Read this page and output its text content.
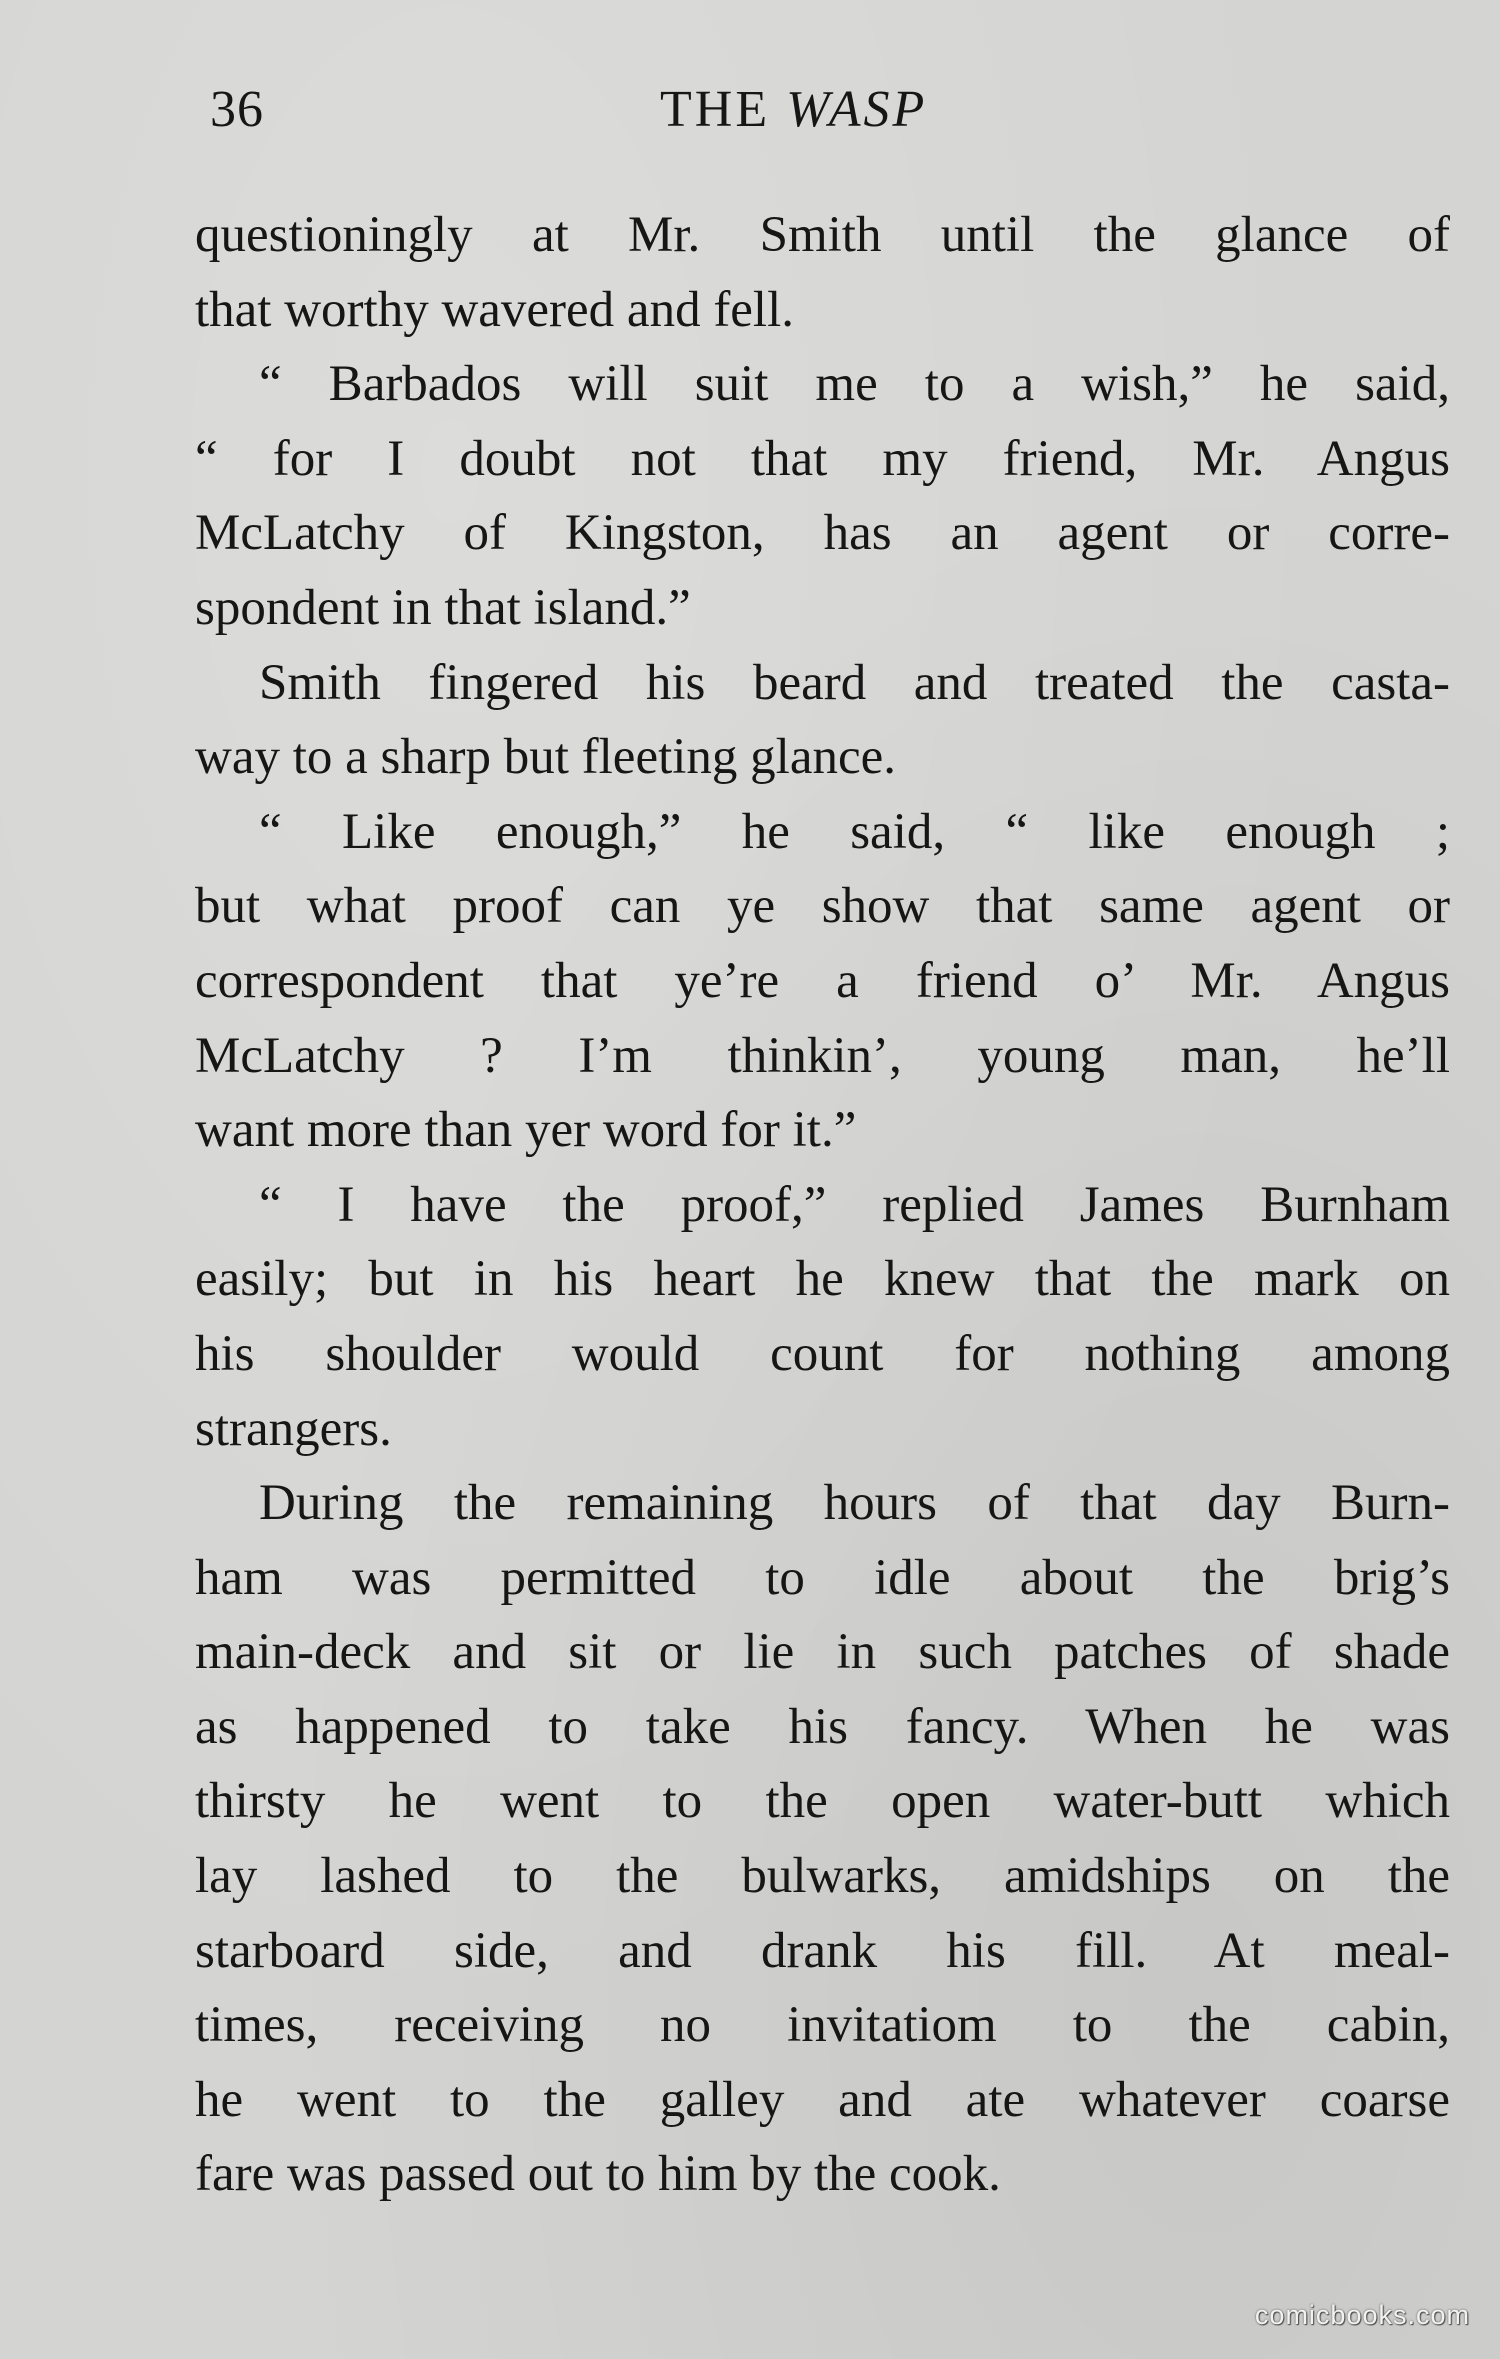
36	THE WASP
questioningly at Mr. Smith until the glance of
that worthy wavered and fell.
“ Barbados will suit me to a wish,” he said,
“ for I doubt not that my friend, Mr. Angus
McLatchy of Kingston, has an agent or corre-
spondent in that island.”
Smith fingered his beard and treated the casta-
way to a sharp but fleeting glance.
“ Like enough,” he said, “ like enough ;
but what proof can ye show that same agent or
correspondent that ye’re a friend o’ Mr. Angus
McLatchy ? I’m thinkin’, young man, he’ll
want more than yer word for it.”
“ I have the proof,” replied James Burnham
easily; but in his heart he knew that the mark on
his shoulder would count for nothing among
strangers.
During the remaining hours of that day Burn-
ham was permitted to idle about the brig’s
main-deck and sit or lie in such patches of shade
as happened to take his fancy. When he was
thirsty he went to the open water-butt which
lay lashed to the bulwarks, amidships on the
starboard side, and drank his fill. At meal-
times, receiving no invitatiom to the cabin,
he went to the galley and ate whatever coarse
fare was passed out to him by the cook.
comicbooks.com
